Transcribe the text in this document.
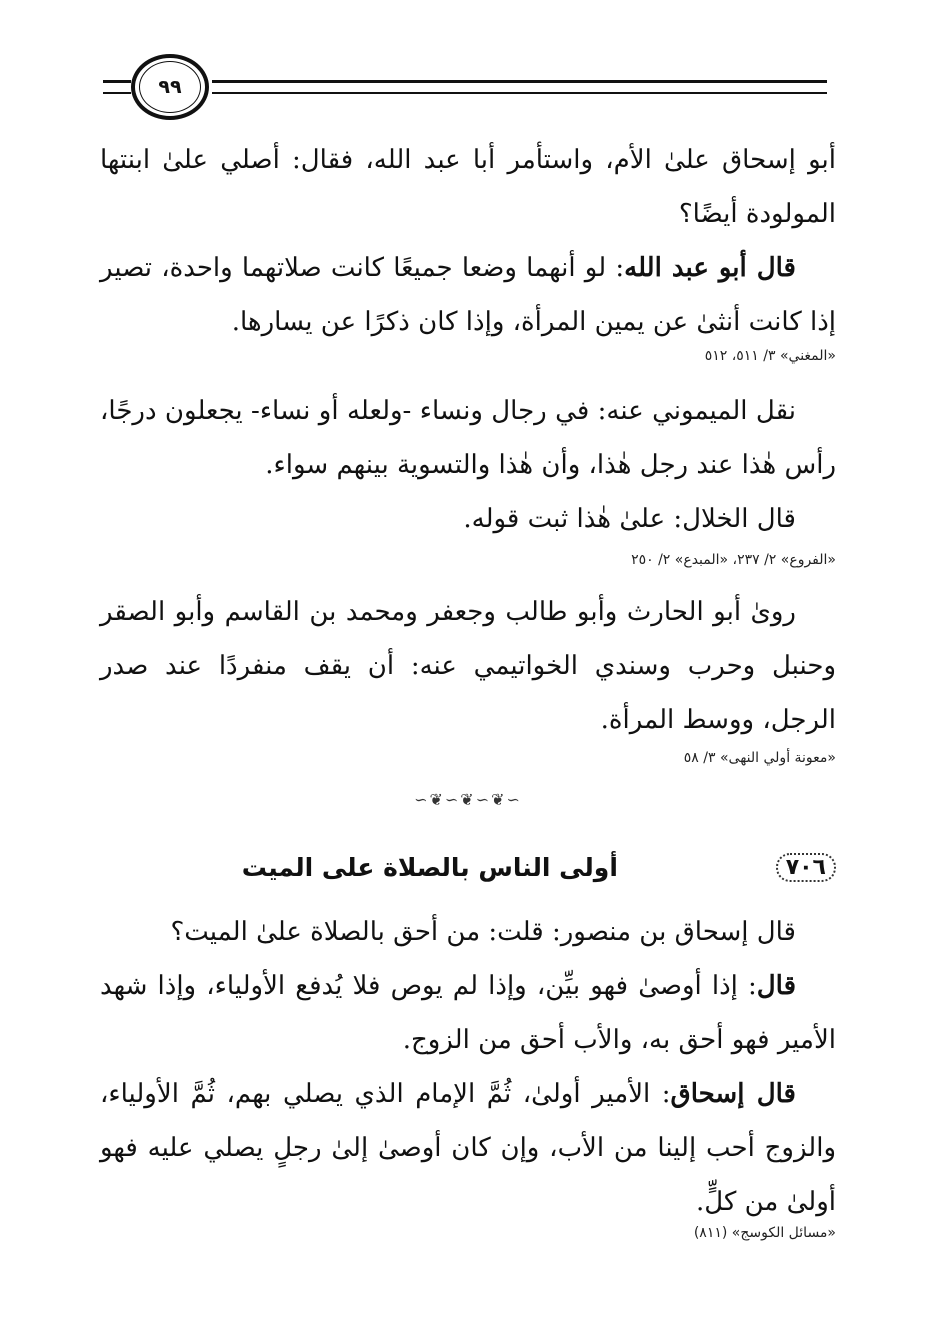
٩٩

أبو إسحاق علىٰ الأم، واستأمر أبا عبد الله، فقال: أصلي علىٰ ابنتها المولودة أيضًا؟

قال أبو عبد الله: لو أنهما وضعا جميعًا كانت صلاتهما واحدة، تصير إذا كانت أنثىٰ عن يمين المرأة، وإذا كان ذكرًا عن يسارها.

«المغني» ٣/ ٥١١، ٥١٢

نقل الميموني عنه: في رجال ونساء -ولعله أو نساء- يجعلون درجًا، رأس هٰذا عند رجل هٰذا، وأن هٰذا والتسوية بينهم سواء.

قال الخلال: علىٰ هٰذا ثبت قوله.

«الفروع» ٢/ ٢٣٧، «المبدع» ٢/ ٢٥٠

رویٰ أبو الحارث وأبو طالب وجعفر ومحمد بن القاسم وأبو الصقر وحنبل وحرب وسندي الخواتيمي عنه: أن يقف منفردًا عند صدر الرجل، ووسط المرأة.

«معونة أولي النهى» ٣/ ٥٨

∽❦∽❦∽❦∽
٧٠٦
أولى الناس بالصلاة على الميت

قال إسحاق بن منصور: قلت: من أحق بالصلاة علىٰ الميت؟

قال: إذا أوصىٰ فهو بيِّن، وإذا لم يوص فلا يُدفع الأولياء، وإذا شهد الأمير فهو أحق به، والأب أحق من الزوج.

قال إسحاق: الأمير أولىٰ، ثُمَّ الإمام الذي يصلي بهم، ثُمَّ الأولياء، والزوج أحب إلينا من الأب، وإن كان أوصىٰ إلىٰ رجلٍ يصلي عليه فهو أولىٰ من كلٍّ.

«مسائل الكوسج» (٨١١)
